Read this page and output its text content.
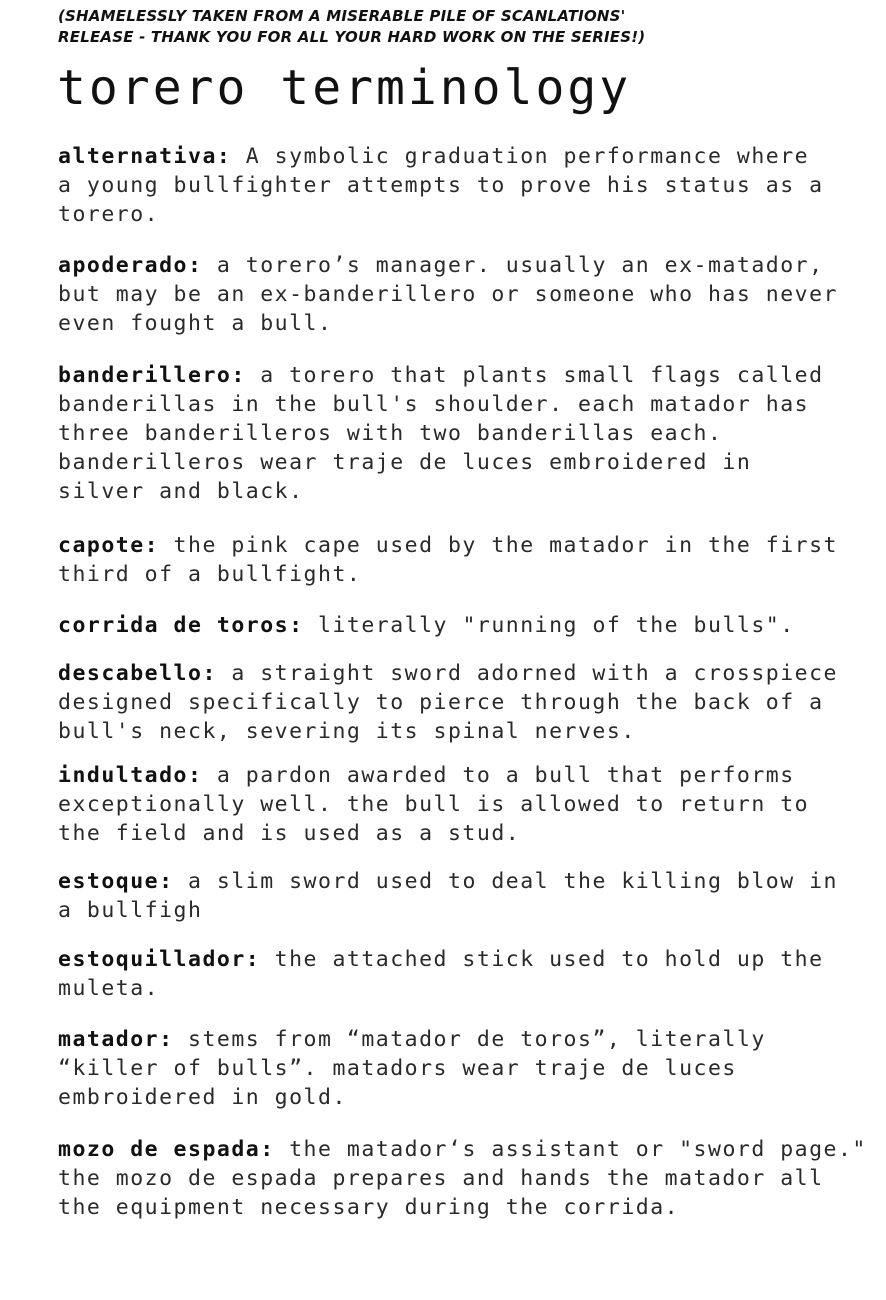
(SHAMELESSLY TAKEN FROM A MISERABLE PILE OF SCANLATIONS'
RELEASE - THANK YOU FOR ALL YOUR HARD WORK ON THE SERIES!)
torero terminology
alternativa: A symbolic graduation performance where
a young bullfighter attempts to prove his status as a
torero.
apoderado: a torero’s manager. usually an ex-matador,
but may be an ex-banderillero or someone who has never
even fought a bull.
banderillero: a torero that plants small flags called
banderillas in the bull's shoulder. each matador has
three banderilleros with two banderillas each.
banderilleros wear traje de luces embroidered in
silver and black.
capote: the pink cape used by the matador in the first
third of a bullfight.
corrida de toros: literally "running of the bulls".
descabello: a straight sword adorned with a crosspiece
designed specifically to pierce through the back of a
bull's neck, severing its spinal nerves.
indultado: a pardon awarded to a bull that performs
exceptionally well. the bull is allowed to return to
the field and is used as a stud.
estoque: a slim sword used to deal the killing blow in
a bullfigh
estoquillador: the attached stick used to hold up the
muleta.
matador: stems from “matador de toros”, literally
“killer of bulls”. matadors wear traje de luces
embroidered in gold.
mozo de espada: the matador‘s assistant or "sword page."
the mozo de espada prepares and hands the matador all
the equipment necessary during the corrida.
